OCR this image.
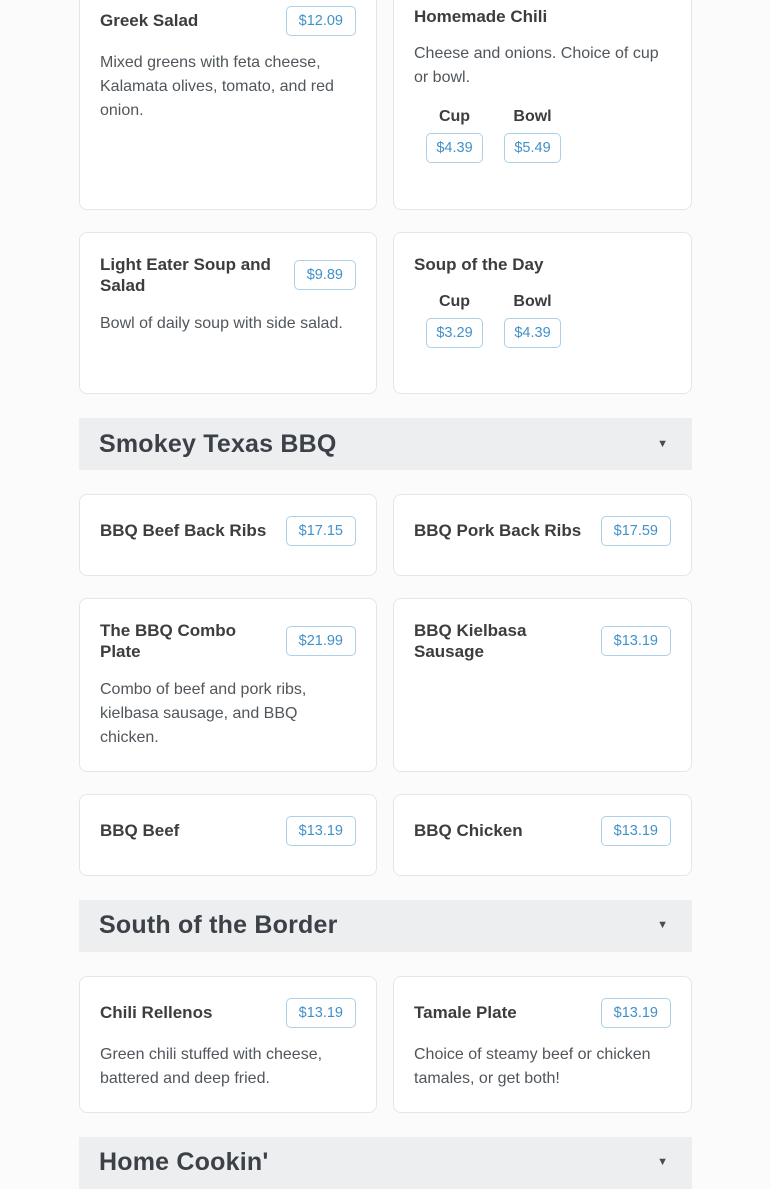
Greek Salad	$12.09

Mixed greens with feta cheese, Kalamata olives, tomato, and red onion.

Homemade Chili

Cheese and onions. Choice of cup or bowl.

Cup
$4.39
Bowl
$5.49
Light Eater Soup and Salad
$9.89

Bowl of daily soup with side salad.

Soup of the Day
Cup
$3.29
Bowl
$4.39
Smokey Texas BBQ	▼
BBQ Beef Back Ribs	$17.15	BBQ Pork Back Ribs	$17.59
The BBQ Combo Plate
$21.99

Combo of beef and pork ribs, kielbasa sausage, and BBQ chicken.

BBQ Kielbasa Sausage
$13.19
BBQ Beef	$13.19	BBQ Chicken	$13.19
South of the Border	▼
Chili Rellenos	$13.19

Green chili stuffed with cheese, battered and deep fried.

Tamale Plate	$13.19

Choice of steamy beef or chicken tamales, or get both!

Home Cookin'	▼
